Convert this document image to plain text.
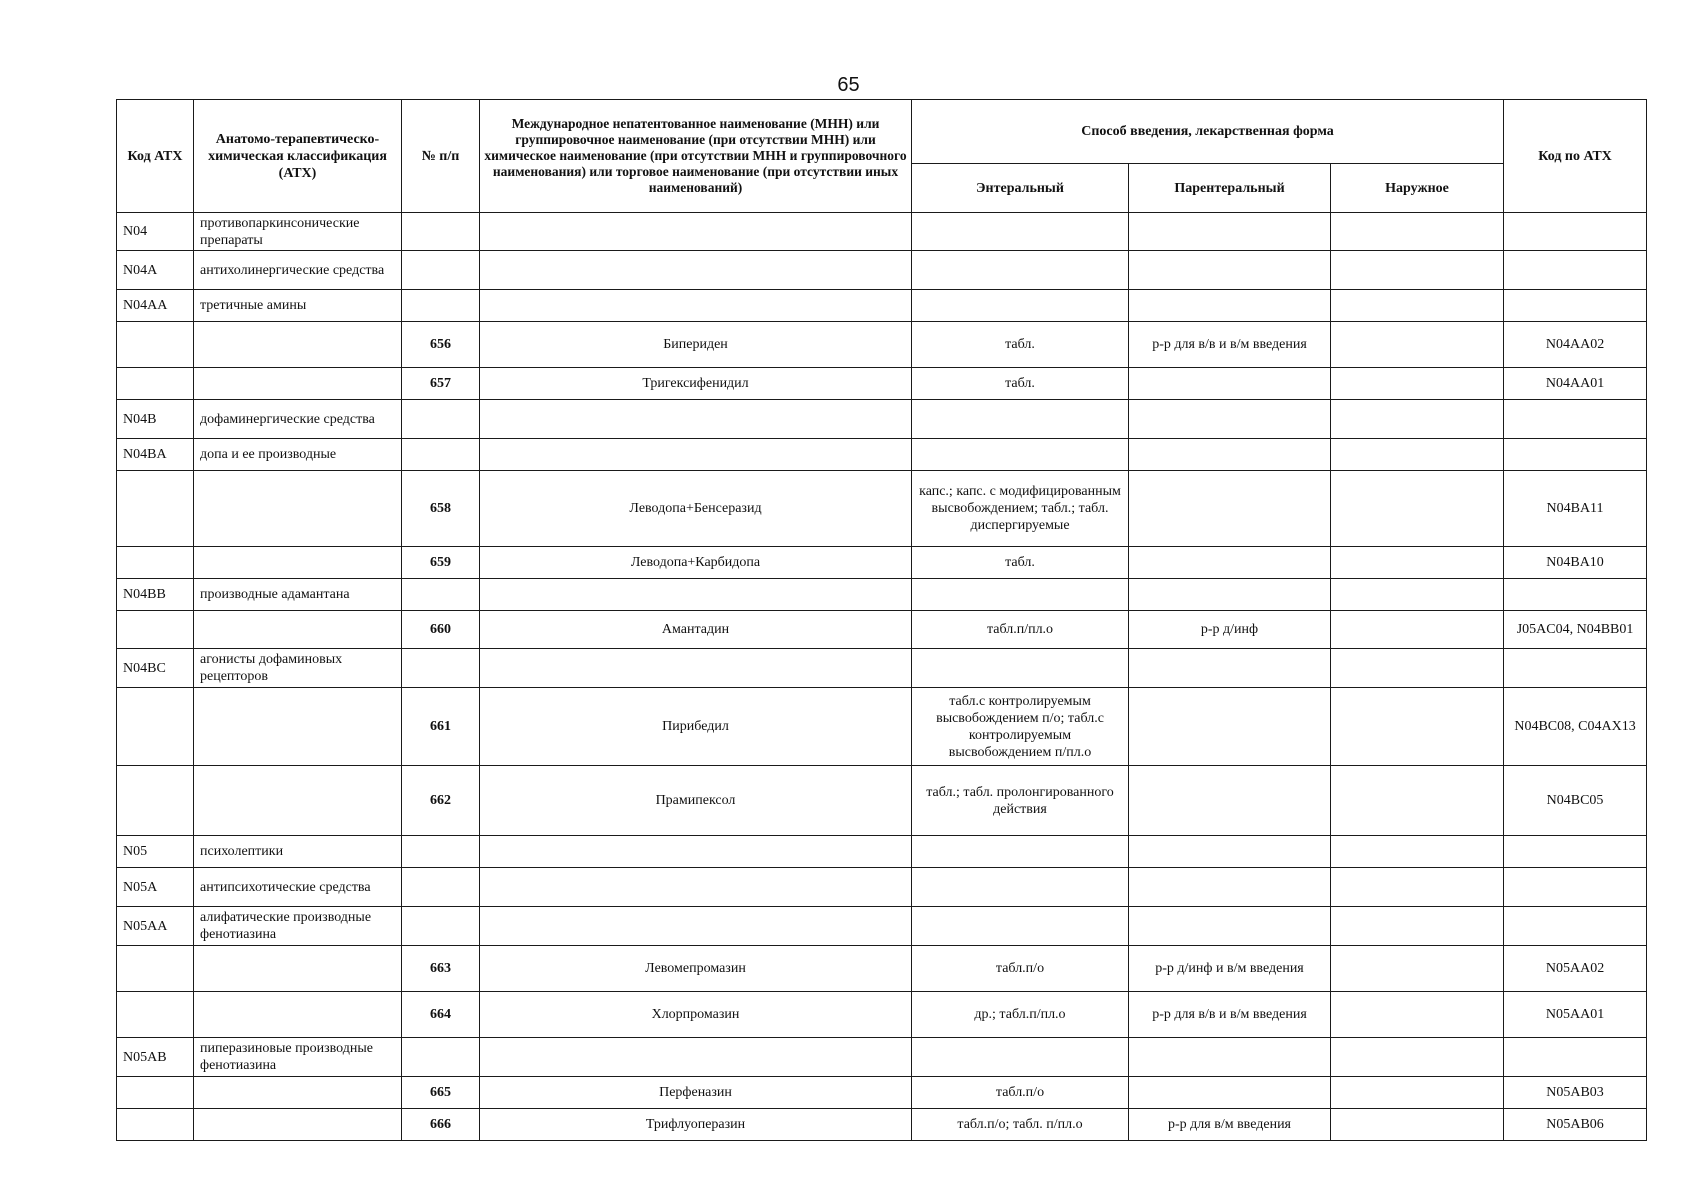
65
Код АТХ	Анатомо-терапевтическо-химическая классификация (АТХ)	№ п/п	Международное непатентованное наименование (МНН) или группировочное наименование (при отсутствии МНН) или химическое наименование (при отсутствии МНН и группировочного наименования) или торговое наименование (при отсутствии иных наименований)	Способ введения, лекарственная форма			Код по АТХ
				Энтеральный	Парентеральный	Наружное	
N04	противопаркинсонические препараты						
N04A	антихолинергические средства						
N04AA	третичные амины						
		656	Бипериден	табл.	р-р для в/в и в/м введения		N04AA02
		657	Тригексифенидил	табл.			N04AA01
N04B	дофаминергические средства						
N04BA	допа и ее производные						
		658	Леводопа+Бенсеразид	капс.; капс. с модифицированным высвобождением; табл.; табл. диспергируемые			N04BA11
		659	Леводопа+Карбидопа	табл.			N04BA10
N04BB	производные адамантана						
		660	Амантадин	табл.п/пл.о	р-р д/инф		J05AC04, N04BB01
N04BC	агонисты дофаминовых рецепторов						
		661	Пирибедил	табл.с контролируемым высвобождением п/о; табл.с контролируемым высвобождением п/пл.о			N04BC08, C04AX13
		662	Прамипексол	табл.; табл. пролонгированного действия			N04BC05
N05	психолептики						
N05A	антипсихотические средства						
N05AA	алифатические производные фенотиазина						
		663	Левомепромазин	табл.п/о	р-р д/инф и в/м введения		N05AA02
		664	Хлорпромазин	др.; табл.п/пл.о	р-р для в/в и в/м введения		N05AA01
N05AB	пиперазиновые производные фенотиазина						
		665	Перфеназин	табл.п/о			N05AB03
		666	Трифлуоперазин	табл.п/о; табл. п/пл.о	р-р для в/м введения		N05AB06
